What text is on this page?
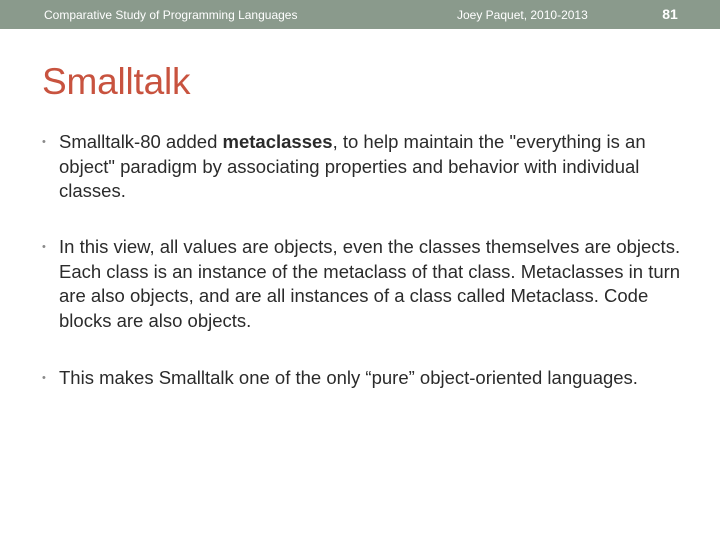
Comparative Study of Programming Languages	Joey Paquet, 2010-2013	81
Smalltalk
• Smalltalk-80 added metaclasses, to help maintain the "everything is an object" paradigm by associating properties and behavior with individual classes.
• In this view, all values are objects, even the classes themselves are objects. Each class is an instance of the metaclass of that class. Metaclasses in turn are also objects, and are all instances of a class called Metaclass. Code blocks are also objects.
• This makes Smalltalk one of the only “pure” object-oriented languages.
